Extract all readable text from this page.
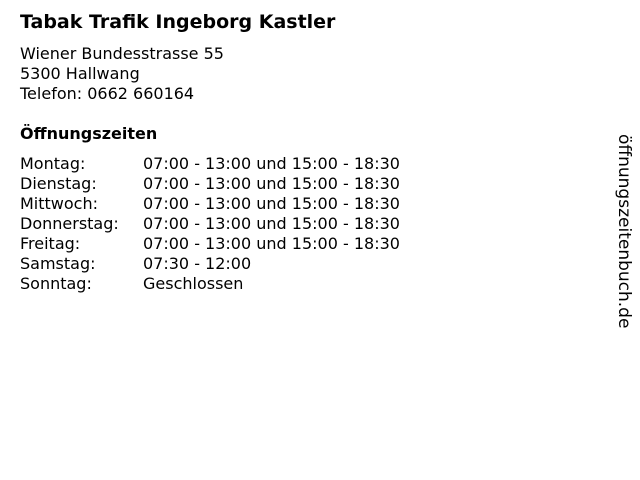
Tabak Trafik Ingeborg Kastler
Wiener Bundesstrasse 55
5300 Hallwang
Telefon: 0662 660164
Öffnungszeiten
Montag:	07:00 - 13:00 und 15:00 - 18:30
Dienstag:	07:00 - 13:00 und 15:00 - 18:30
Mittwoch:	07:00 - 13:00 und 15:00 - 18:30
Donnerstag:	07:00 - 13:00 und 15:00 - 18:30
Freitag:	07:00 - 13:00 und 15:00 - 18:30
Samstag:	07:30 - 12:00
Sonntag:	Geschlossen	öffnungszeitenbuch.de
